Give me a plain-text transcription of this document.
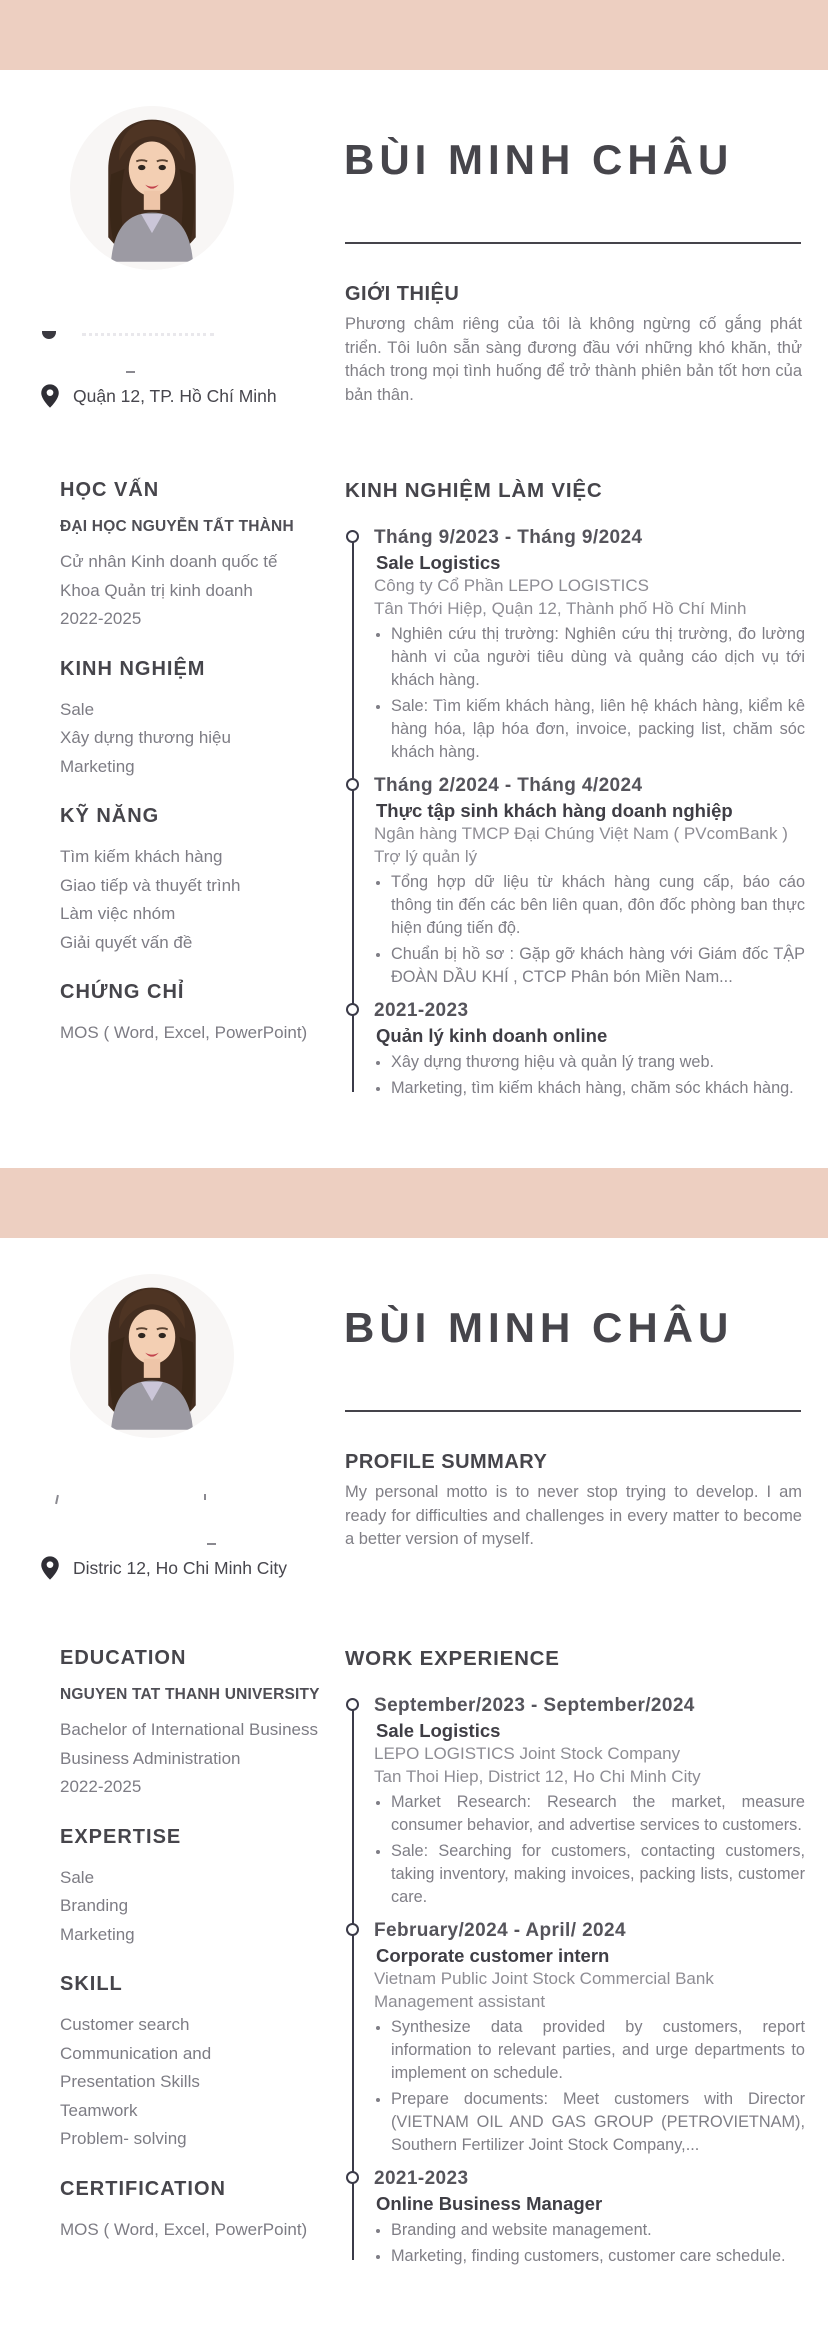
BÙI MINH CHÂU
GIỚI THIỆU

Phương châm riêng của tôi là không ngừng cố gắng phát triển. Tôi luôn sẵn sàng đương đầu với những khó khăn, thử thách trong mọi tình huống để trở thành phiên bản tốt hơn của bản thân.

Quận 12, TP. Hồ Chí Minh
HỌC VẤN
ĐẠI HỌC NGUYỄN TẤT THÀNH
Cử nhân Kinh doanh quốc tế
Khoa Quản trị kinh doanh
2022-2025
KINH NGHIỆM
Sale
Xây dựng thương hiệu
Marketing
KỸ NĂNG
Tìm kiếm khách hàng
Giao tiếp và thuyết trình
Làm việc nhóm
Giải quyết vấn đề
CHỨNG CHỈ
MOS ( Word, Excel, PowerPoint)
KINH NGHIỆM LÀM VIỆC
Tháng 9/2023 - Tháng 9/2024
Sale Logistics
Công ty Cổ Phần LEPO LOGISTICS
Tân Thới Hiệp, Quận 12, Thành phố Hồ Chí Minh
• Nghiên cứu thị trường: Nghiên cứu thị trường, đo lường hành vi của người tiêu dùng và quảng cáo dịch vụ tới khách hàng.
• Sale: Tìm kiếm khách hàng, liên hệ khách hàng, kiểm kê hàng hóa, lập hóa đơn, invoice, packing list, chăm sóc khách hàng.
Tháng 2/2024 - Tháng 4/2024
Thực tập sinh khách hàng doanh nghiệp
Ngân hàng TMCP Đại Chúng Việt Nam ( PVcomBank )
Trợ lý quản lý
• Tổng hợp dữ liệu từ khách hàng cung cấp, báo cáo thông tin đến các bên liên quan, đôn đốc phòng ban thực hiện đúng tiến độ.
• Chuẩn bị hồ sơ : Gặp gỡ khách hàng với Giám đốc TẬP ĐOÀN DẦU KHÍ , CTCP Phân bón Miền Nam...
2021-2023
Quản lý kinh doanh online
• Xây dựng thương hiệu và quản lý trang web.
• Marketing, tìm kiếm khách hàng, chăm sóc khách hàng.
BÙI MINH CHÂU
PROFILE SUMMARY

My personal motto is to never stop trying to develop. I am ready for difficulties and challenges in every matter to become a better version of myself.

Distric 12, Ho Chi Minh City
EDUCATION
NGUYEN TAT THANH UNIVERSITY
Bachelor of International Business
Business Administration
2022-2025
EXPERTISE
Sale
Branding
Marketing
SKILL
Customer search
Communication and
Presentation Skills
Teamwork
Problem- solving
CERTIFICATION
MOS ( Word, Excel, PowerPoint)
WORK EXPERIENCE
September/2023 - September/2024
Sale Logistics
LEPO LOGISTICS Joint Stock Company
Tan Thoi Hiep, District 12, Ho Chi Minh City
• Market Research: Research the market, measure consumer behavior, and advertise services to customers.
• Sale: Searching for customers, contacting customers, taking inventory, making invoices, packing lists, customer care.
February/2024 - April/ 2024
Corporate customer intern
Vietnam Public Joint Stock Commercial Bank
Management assistant
• Synthesize data provided by customers, report information to relevant parties, and urge departments to implement on schedule.
• Prepare documents: Meet customers with Director (VIETNAM OIL AND GAS GROUP (PETROVIETNAM), Southern Fertilizer Joint Stock Company,...
2021-2023
Online Business Manager
• Branding and website management.
• Marketing, finding customers, customer care schedule.
